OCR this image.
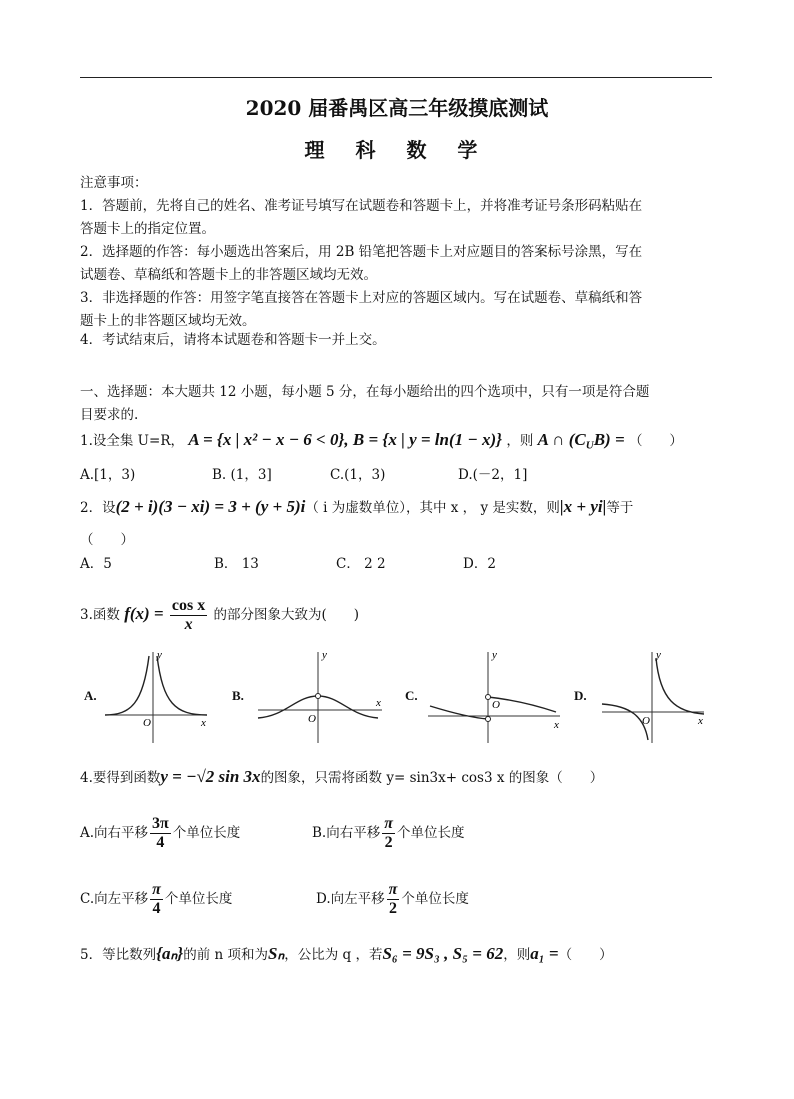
2020 届番禺区高三年级摸底测试
理 科 数 学
注意事项：
1．答题前，先将自己的姓名、准考证号填写在试题卷和答题卡上，并将准考证号条形码粘贴在
答题卡上的指定位置。
2．选择题的作答：每小题选出答案后，用 2B 铅笔把答题卡上对应题目的答案标号涂黑，写在
试题卷、草稿纸和答题卡上的非答题区域均无效。
3．非选择题的作答：用签字笔直接答在答题卡上对应的答题区域内。写在试题卷、草稿纸和答
题卡上的非答题区域均无效。
4．考试结束后，请将本试题卷和答题卡一并上交。
一、选择题：本大题共 12 小题，每小题 5 分，在每小题给出的四个选项中，只有一项是符合题
目要求的.
1.设全集 U=R， A = {x | x² − x − 6 < 0}, B = {x | y = ln(1 − x)} ，则 A ∩ $(C_UB)$ = （　　）
A.[1，3)	B. (1，3]	C.(1，3)	D.(－2，1]
2．设(2 + i)(3 − xi) = 3 + (y + 5)i（ i 为虚数单位），其中 x ， y 是实数，则|x + yi|等于
（　　）
A．5	B． 13	C． 2 2	D．2
3.函数 $f(x) = \frac{\text{cos x}}{x}$ 的部分图象大致为(　　)
A.
y
x
O
B.
y
x
O
C.
y
x
O
D.
y
x
O
4.要得到函数y = −√2 sin 3x的图象，只需将函数 y= sin3x+ cos3 x 的图象（　　）
A.向右平移 $\frac{3\pi}{4}$ 个单位长度	B.向右平移 $\frac{\pi}{2}$ 个单位长度
C.向左平移 $\frac{\pi}{4}$ 个单位长度	D.向左平移 $\frac{\pi}{2}$ 个单位长度
5．等比数列{aₙ}的前 n 项和为Sₙ，公比为 q ，若S₆ = 9S₃ , S₅ = 62，则a₁ =（　　）
